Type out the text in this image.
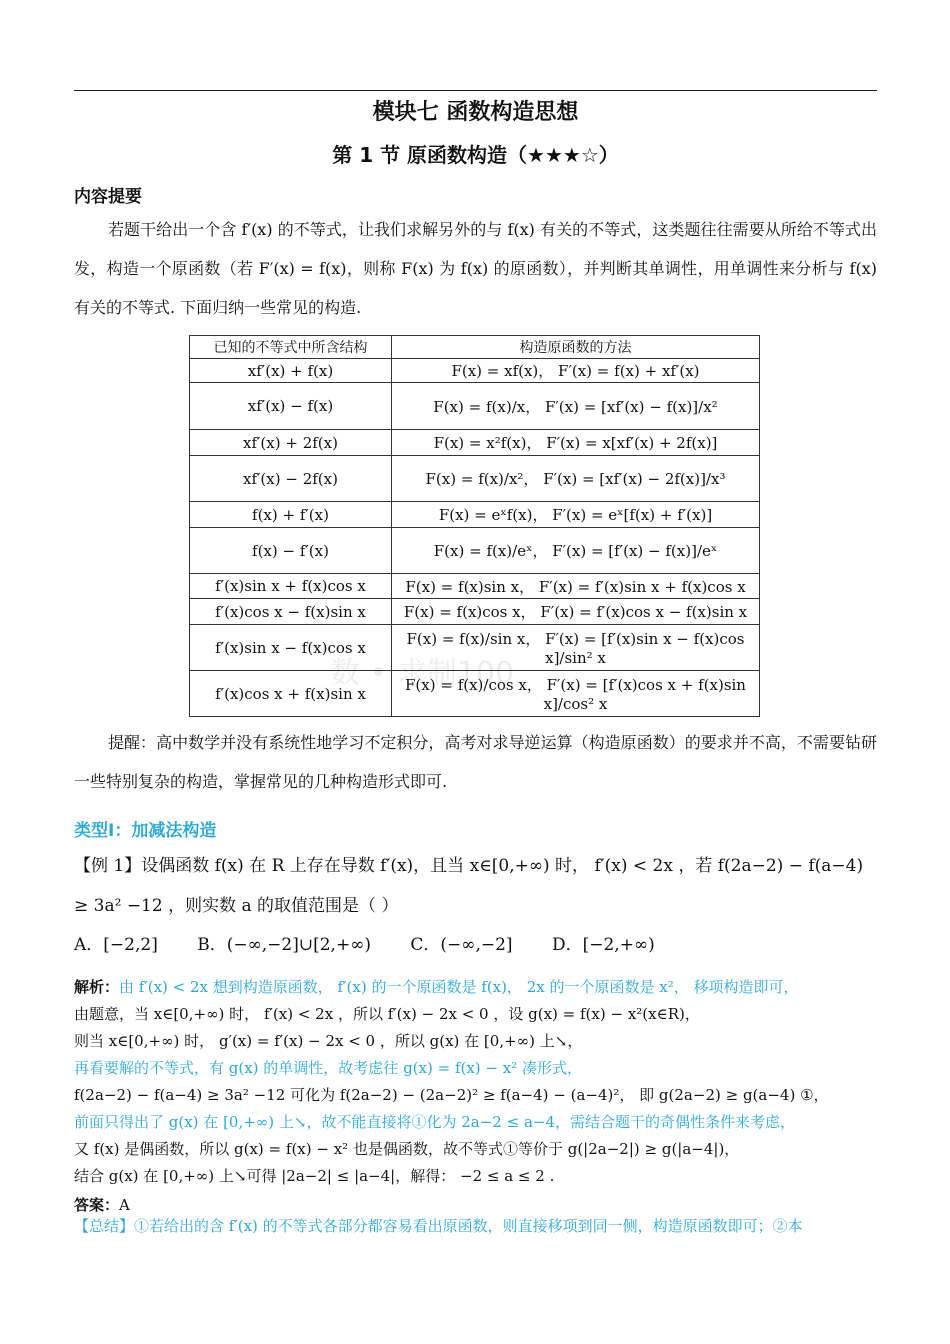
模块七 函数构造思想
第 1 节 原函数构造（★★★☆）
内容提要
若题干给出一个含 f′(x) 的不等式，让我们求解另外的与 f(x) 有关的不等式，这类题往往需要从所给不等式出发，构造一个原函数（若 F′(x) = f(x)，则称 F(x) 为 f(x) 的原函数），并判断其单调性，用单调性来分析与 f(x) 有关的不等式. 下面归纳一些常见的构造.
已知的不等式中所含结构	构造原函数的方法
xf′(x) + f(x)	F(x) = xf(x)， F′(x) = f(x) + xf′(x)
xf′(x) − f(x)	F(x) = f(x)/x， F′(x) = [xf′(x) − f(x)]/x²
xf′(x) + 2f(x)	F(x) = x²f(x)， F′(x) = x[xf′(x) + 2f(x)]
xf′(x) − 2f(x)	F(x) = f(x)/x²， F′(x) = [xf′(x) − 2f(x)]/x³
f(x) + f′(x)	F(x) = eˣf(x)， F′(x) = eˣ[f(x) + f′(x)]
f(x) − f′(x)	F(x) = f(x)/eˣ， F′(x) = [f′(x) − f(x)]/eˣ
f′(x)sin x + f(x)cos x	F(x) = f(x)sin x， F′(x) = f′(x)sin x + f(x)cos x
f′(x)cos x − f(x)sin x	F(x) = f(x)cos x， F′(x) = f′(x)cos x − f(x)sin x
f′(x)sin x − f(x)cos x	F(x) = f(x)/sin x， F′(x) = [f′(x)sin x − f(x)cos x]/sin² x
f′(x)cos x + f(x)sin x	F(x) = f(x)/cos x， F′(x) = [f′(x)cos x + f(x)sin x]/cos² x
数 • 求制100
提醒：高中数学并没有系统性地学习不定积分，高考对求导逆运算（构造原函数）的要求并不高，不需要钻研一些特别复杂的构造，掌握常见的几种构造形式即可.
类型Ⅰ：加减法构造
【例 1】设偶函数 f(x) 在 R 上存在导数 f′(x)，且当 x∈[0,+∞) 时， f′(x) < 2x ，若 f(2a−2) − f(a−4) ≥ 3a² −12 ，则实数 a 的取值范围是（ ）
A．[−2,2] B．(−∞,−2]∪[2,+∞) C．(−∞,−2] D．[−2,+∞)
解析：由 f′(x) < 2x 想到构造原函数， f′(x) 的一个原函数是 f(x)， 2x 的一个原函数是 x²， 移项构造即可，
由题意，当 x∈[0,+∞) 时， f′(x) < 2x ，所以 f′(x) − 2x < 0 ，设 g(x) = f(x) − x²(x∈R)，
则当 x∈[0,+∞) 时， g′(x) = f′(x) − 2x < 0 ，所以 g(x) 在 [0,+∞) 上↘，
再看要解的不等式，有 g(x) 的单调性，故考虑往 g(x) = f(x) − x² 凑形式，
f(2a−2) − f(a−4) ≥ 3a² −12 可化为 f(2a−2) − (2a−2)² ≥ f(a−4) − (a−4)²， 即 g(2a−2) ≥ g(a−4) ①，
前面只得出了 g(x) 在 [0,+∞) 上↘，故不能直接将①化为 2a−2 ≤ a−4，需结合题干的奇偶性条件来考虑，
又 f(x) 是偶函数，所以 g(x) = f(x) − x² 也是偶函数，故不等式①等价于 g(|2a−2|) ≥ g(|a−4|)，
结合 g(x) 在 [0,+∞) 上↘可得 |2a−2| ≤ |a−4|，解得： −2 ≤ a ≤ 2 .
答案：A
【总结】①若给出的含 f′(x) 的不等式各部分都容易看出原函数，则直接移项到同一侧，构造原函数即可；②本
